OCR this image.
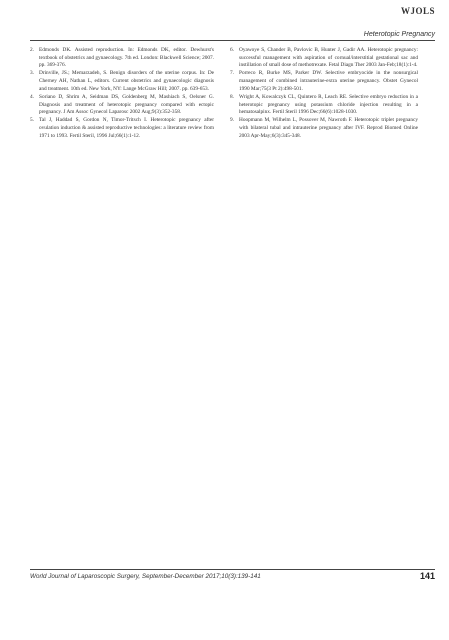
WJOLS
Heterotopic Pregnancy
2. Edmonds DK. Assisted reproduction. In: Edmonds DK, editor. Dewhurst's textbook of obstetrics and gynaecology. 7th ed. London: Blackwell Science; 2007. pp. 369-376.
3. Drinville, JS.; Memarzadeh, S. Benign disorders of the uterine corpus. In: De Cherney AH, Nathan L, editors. Current obstetrics and gynaecologic diagnosis and treatment. 10th ed. New York, NY: Lange McGraw Hill; 2007. pp. 639-653.
4. Soriano D, Shrim A, Seidman DS, Goldenberg M, Mashiach S, Oelsner G. Diagnosis and treatment of heterotopic pregnancy compared with ectopic pregnancy. J Am Assoc Gynecol Laparosc 2002 Aug;9(3):352-358.
5. Tal J, Haddad S, Gordon N, Timor-Tritsch I. Heterotopic pregnancy after ovulation induction & assisted reproductive technologies: a literature review from 1971 to 1993. Fertil Steril, 1996 Jul;66(1):1-12.
6. Oyawoye S, Chander B, Pavlovic B, Hunter J, Gadir AA. Heterotopic pregnancy: successful management with aspiration of cornual/interstitial gestational sac and instillation of small dose of methotrexate. Fetal Diagn Ther 2003 Jan-Feb;18(1):1-4.
7. Porreco R, Burke MS, Parker DW. Selective embryocide in the nonsurgical management of combined intrauterine-extra uterine pregnancy. Obstet Gynecol 1990 Mar;75(3 Pt 2):498-501.
8. Wright A, Kowalczyk CL, Quintero R, Leach RE. Selective embryo reduction in a heterotopic pregnancy using potassium chloride injection resulting in a hematosalpinx. Fertil Steril 1996 Dec;66(6):1028-1030.
9. Hoopmann M, Wilhelm L, Possover M, Nawroth F. Heterotopic triplet pregnancy with bilateral tubal and intrauterine pregnancy after IVF. Reprod Biomed Online 2003 Apr-May;6(3):345-348.
World Journal of Laparoscopic Surgery, September-December 2017;10(3):139-141	141
